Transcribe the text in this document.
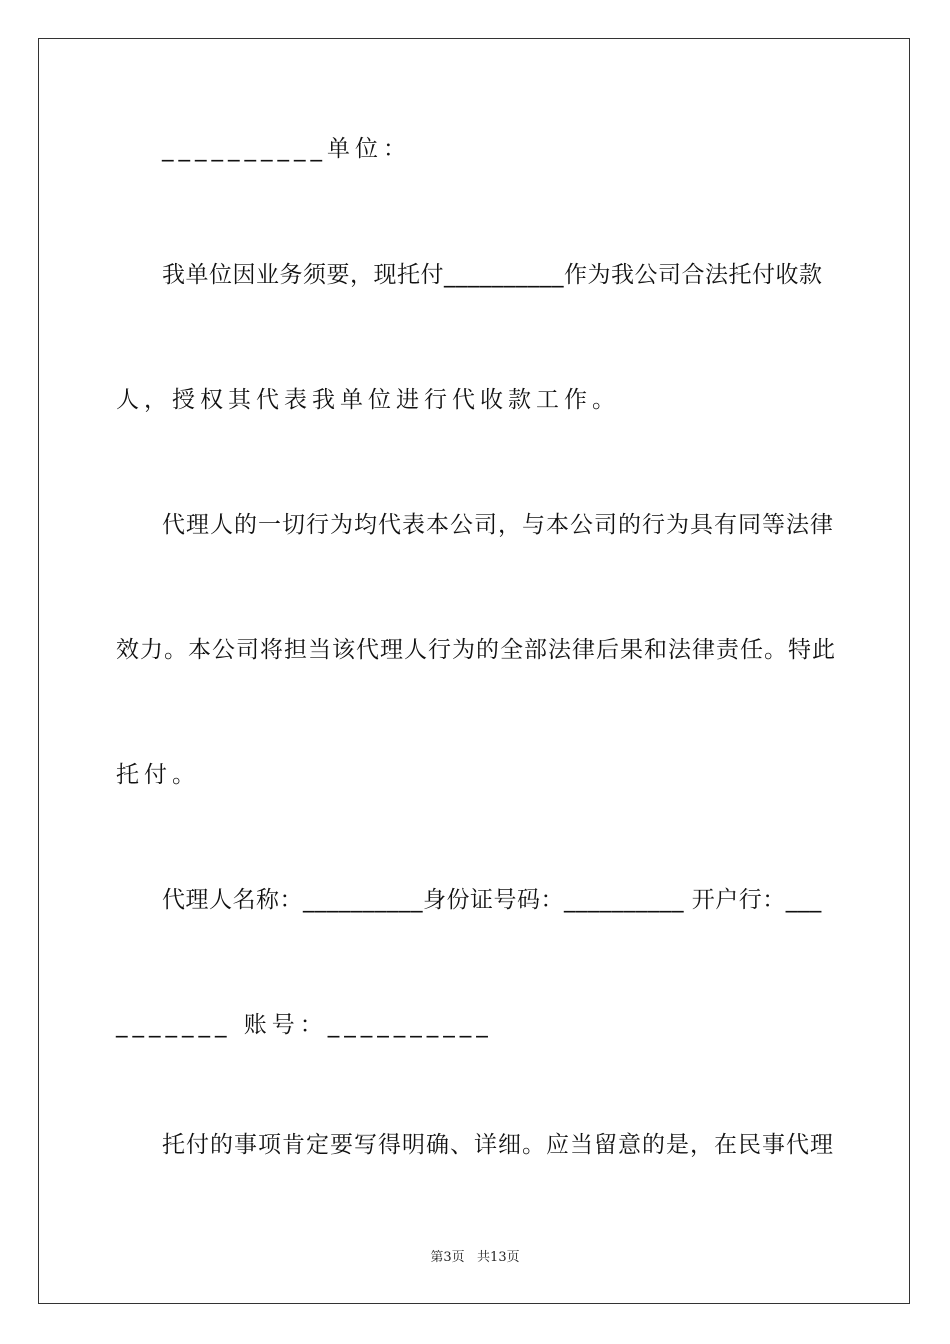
__________单位：
我单位因业务须要，现托付__________作为我公司合法托付收款
人，授权其代表我单位进行代收款工作。
代理人的一切行为均代表本公司，与本公司的行为具有同等法律
效力。本公司将担当该代理人行为的全部法律后果和法律责任。特此
托付。
代理人名称：__________身份证号码：__________ 开户行：___
_______ 账号：__________
托付的事项肯定要写得明确、详细。应当留意的是，在民事代理
第3页   共13页
